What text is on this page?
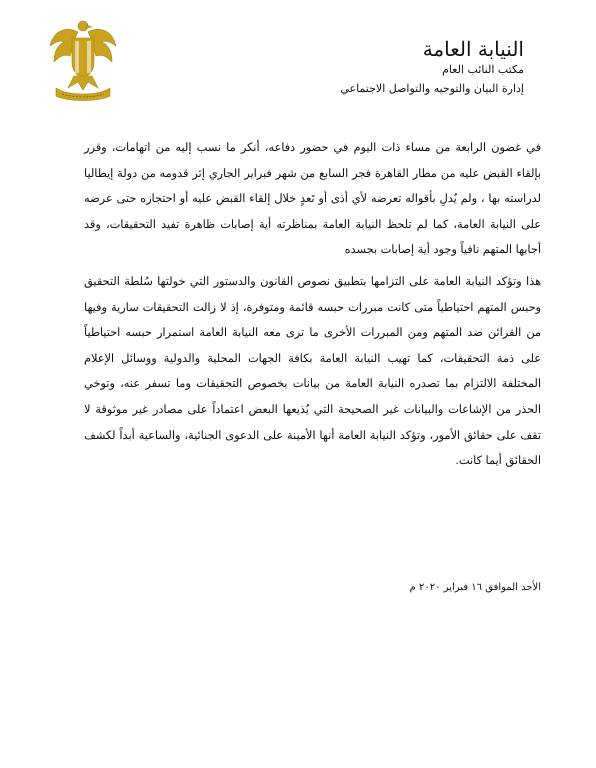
النيابة العامة
مكتب النائب العام
إدارة البيان والتوجيه والتواصل الاجتماعي

في غضون الرابعة من مساء ذات اليوم في حضور دفاعه، أنكر ما نسب إليه من اتهامات، وقرر بإلقاء القبض عليه من مطار القاهرة فجر السابع من شهر فبراير الجاري إثر قدومه من دولة إيطاليا لدراسته بها ، ولم يُدلِ بأقواله تعرضه لأي أذى أو تَعدٍ خلال إلقاء القبض عليه أو احتجازه حتى عرضه على النيابة العامة، كما لم تلحظ النيابة العامة بمناظرته أية إصابات ظاهرة تفيد التحقيقات، وقد أجابها المتهم نافياً وجود أية إصابات بجسده

هذا وتؤكد النيابة العامة على التزامها بتطبيق نصوص القانون والدستور التي خولتها سُلطة التحقيق وحبس المتهم احتياطياً متى كانت مبررات حبسه قائمة ومتوفرة، إذ لا زالت التحقيقات سارية وفيها من القرائن ضد المتهم ومن المبررات الأخرى ما ترى معه النيابة العامة استمرار حبسه احتياطياً على ذمة التحقيقات، كما تهيب النيابة العامة بكافة الجهات المحلية والدولية ووسائل الإعلام المختلفة الالتزام بما تصدره النيابة العامة من بيانات بخصوص التحقيقات وما تسفر عنه، وتوخي الحذر من الإشاعات والبيانات غير الصحيحة التي يُذيعها البعض اعتماداً على مصادر غير موثوقة لا تقف على حقائق الأمور، وتؤكد النيابة العامة أنها الأمينة على الدعوى الجنائية، والساعية أبداً لكشف الحقائق أيما كانت.

الأحد الموافق ١٦ فبراير ٢٠٢٠ م
